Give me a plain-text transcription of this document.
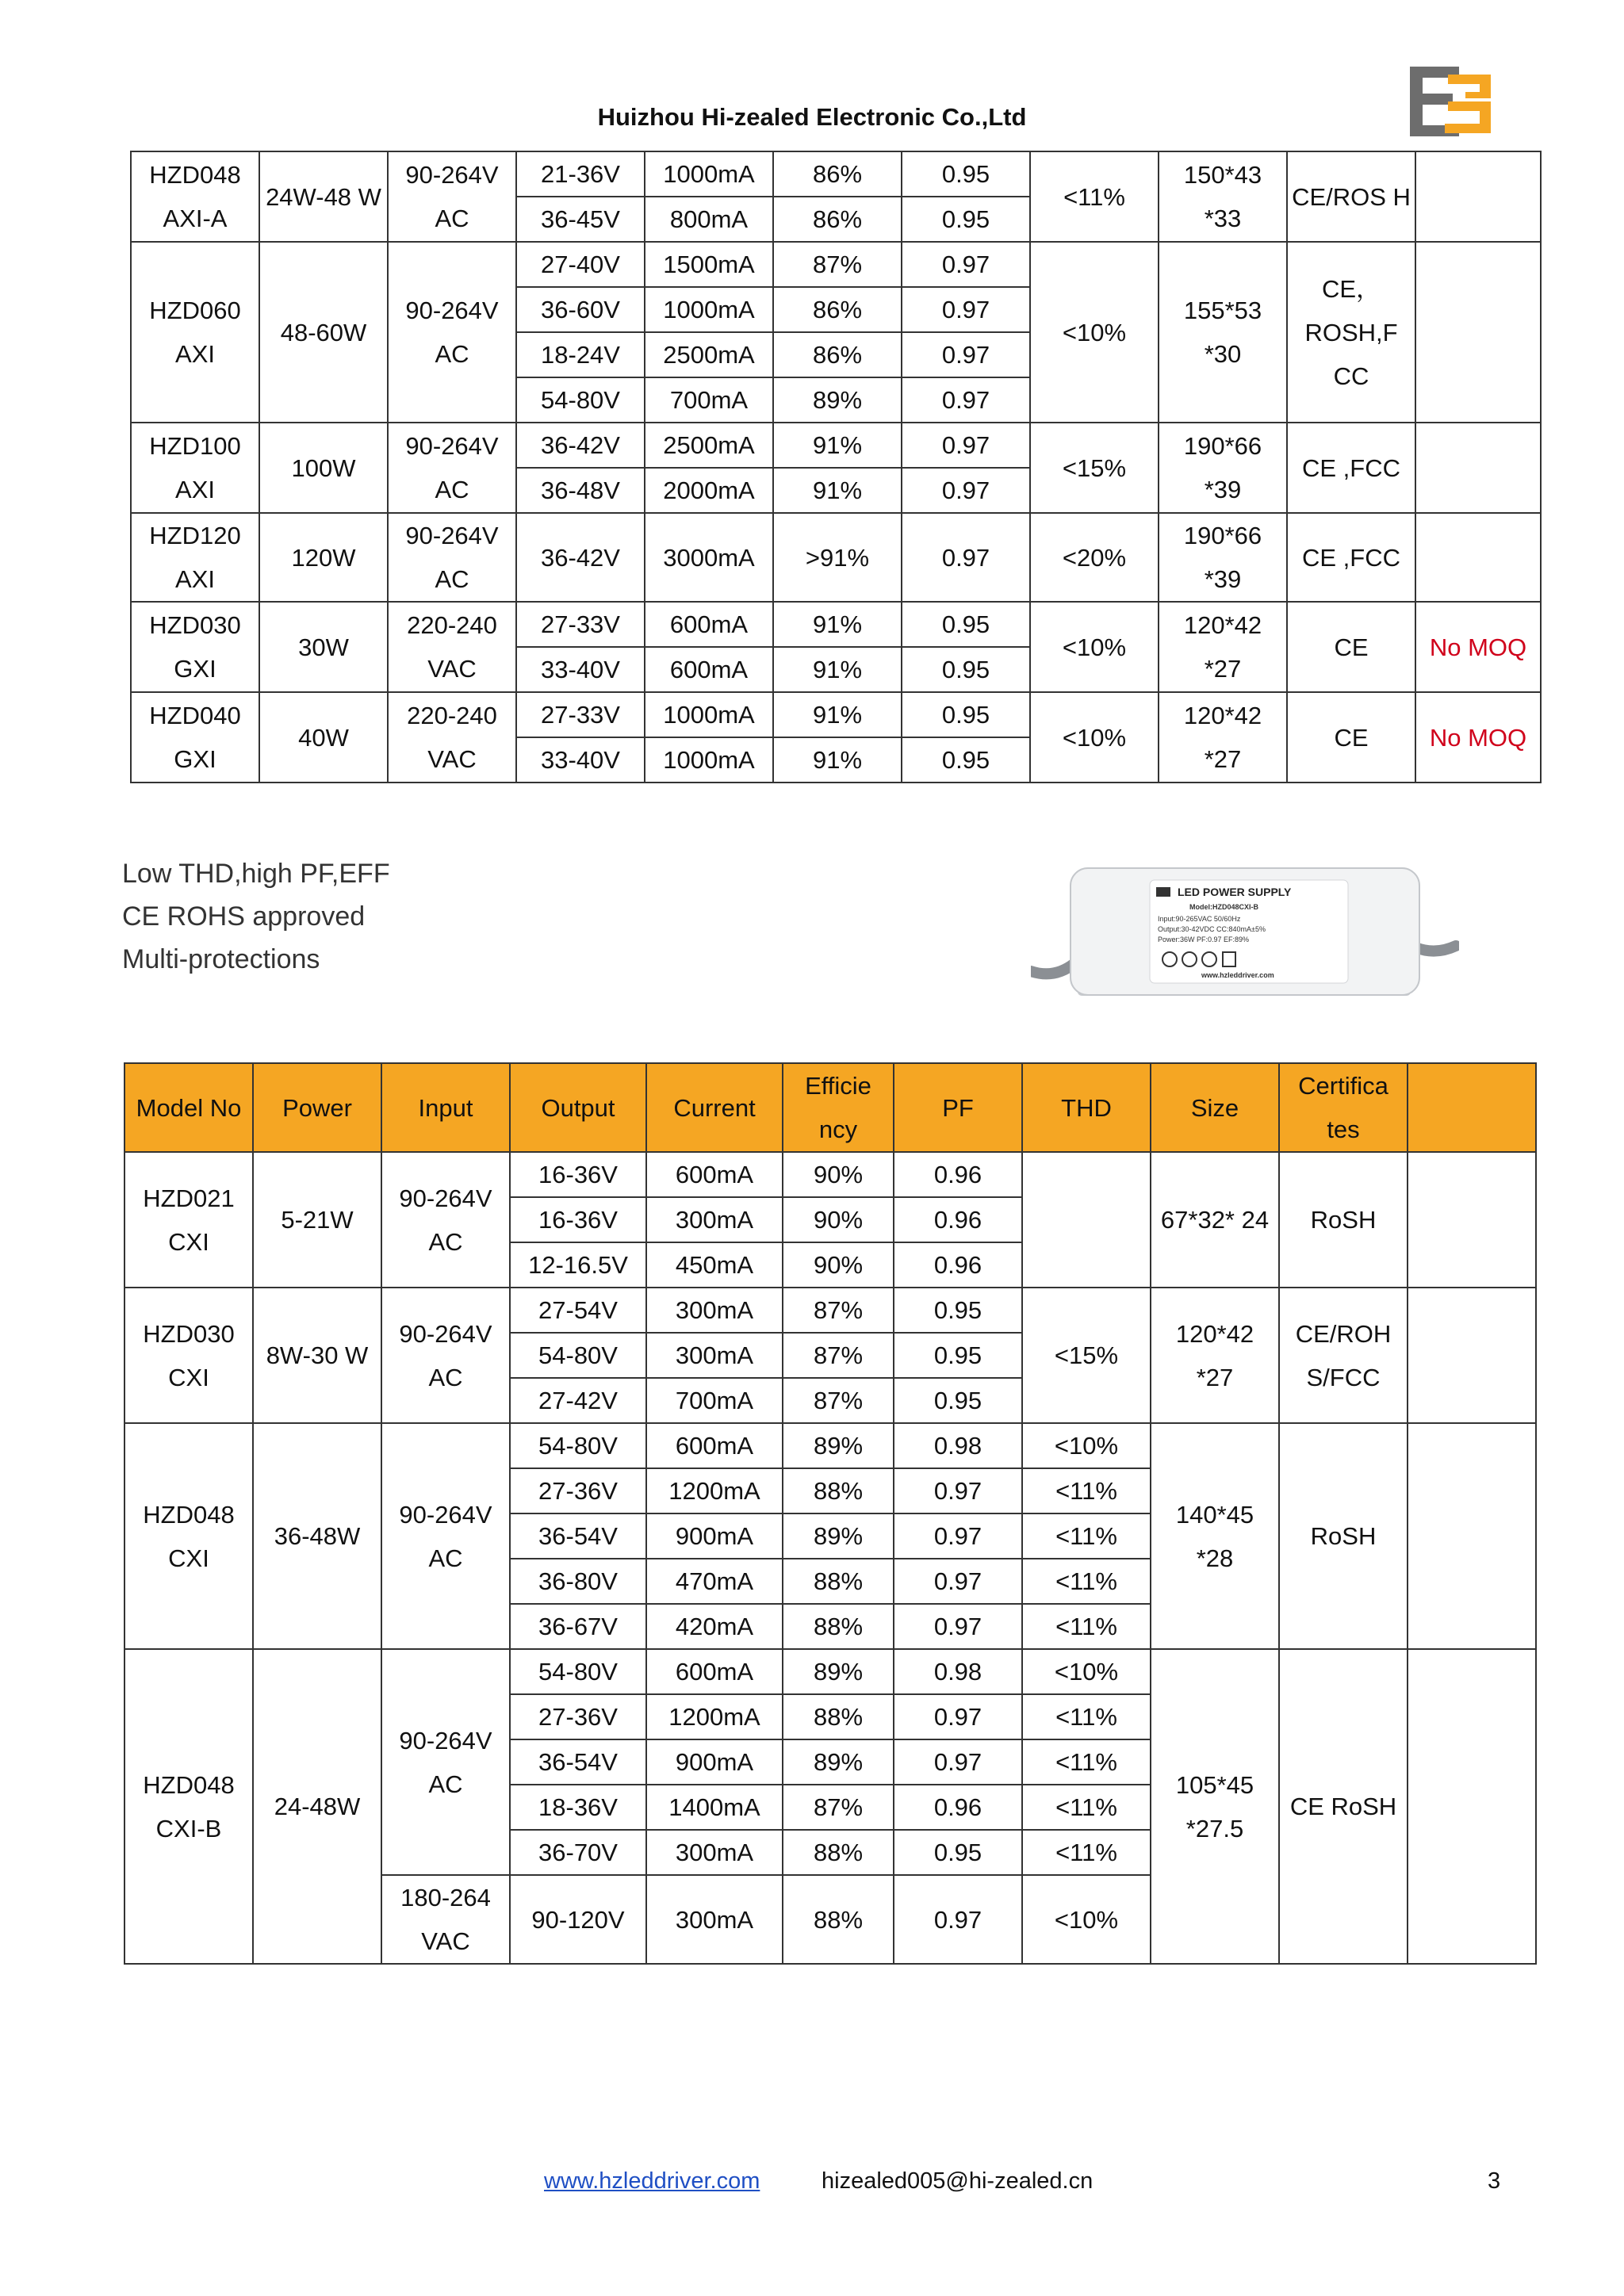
Huizhou Hi-zealed Electronic Co.,Ltd
HZD048 AXI-A	24W-48 W	90-264V AC	21-36V	1000mA	86%	0.95	<11%	150*43 *33	CE/ROS H	
			36-45V	800mA	86%	0.95				
HZD060 AXI	48-60W	90-264V AC	27-40V	1500mA	87%	0.97	<10%	155*53 *30	CE， ROSH,F CC	
			36-60V	1000mA	86%	0.97				
			18-24V	2500mA	86%	0.97				
			54-80V	700mA	89%	0.97				
HZD100 AXI	100W	90-264V AC	36-42V	2500mA	91%	0.97	<15%	190*66 *39	CE ,FCC	
			36-48V	2000mA	91%	0.97				
HZD120 AXI	120W	90-264V AC	36-42V	3000mA	>91%	0.97	<20%	190*66 *39	CE ,FCC	
HZD030 GXI	30W	220-240 VAC	27-33V	600mA	91%	0.95	<10%	120*42 *27	CE	No MOQ
			33-40V	600mA	91%	0.95				
HZD040 GXI	40W	220-240 VAC	27-33V	1000mA	91%	0.95	<10%	120*42 *27	CE	No MOQ
			33-40V	1000mA	91%	0.95				
Low THD,high PF,EFF
CE ROHS approved
Multi-protections
LED POWER SUPPLY
Model:HZD048CXI-B
Input:90-265VAC 50/60Hz
Output:30-42VDC CC:840mA±5%
Power:36W PF:0.97 EF:89%
www.hzleddriver.com
Model No	Power	Input	Output	Current	Efficie ncy	PF	THD	Size	Certifica tes	
HZD021 CXI	5-21W	90-264V AC	16-36V	600mA	90%	0.96		67*32* 24	RoSH	
			16-36V	300mA	90%	0.96				
			12-16.5V	450mA	90%	0.96				
HZD030 CXI	8W-30 W	90-264V AC	27-54V	300mA	87%	0.95	<15%	120*42 *27	CE/ROH S/FCC	
			54-80V	300mA	87%	0.95				
			27-42V	700mA	87%	0.95				
HZD048 CXI	36-48W	90-264V AC	54-80V	600mA	89%	0.98	<10%	140*45 *28	RoSH	
			27-36V	1200mA	88%	0.97	<11%			
			36-54V	900mA	89%	0.97	<11%			
			36-80V	470mA	88%	0.97	<11%			
			36-67V	420mA	88%	0.97	<11%			
HZD048 CXI-B	24-48W	90-264V AC	54-80V	600mA	89%	0.98	<10%	105*45 *27.5	CE RoSH	
			27-36V	1200mA	88%	0.97	<11%			
			36-54V	900mA	89%	0.97	<11%			
			18-36V	1400mA	87%	0.96	<11%			
			36-70V	300mA	88%	0.95	<11%			
		180-264 VAC	90-120V	300mA	88%	0.97	<10%			
www.hzleddriver.com	hizealed005@hi-zealed.cn	3
